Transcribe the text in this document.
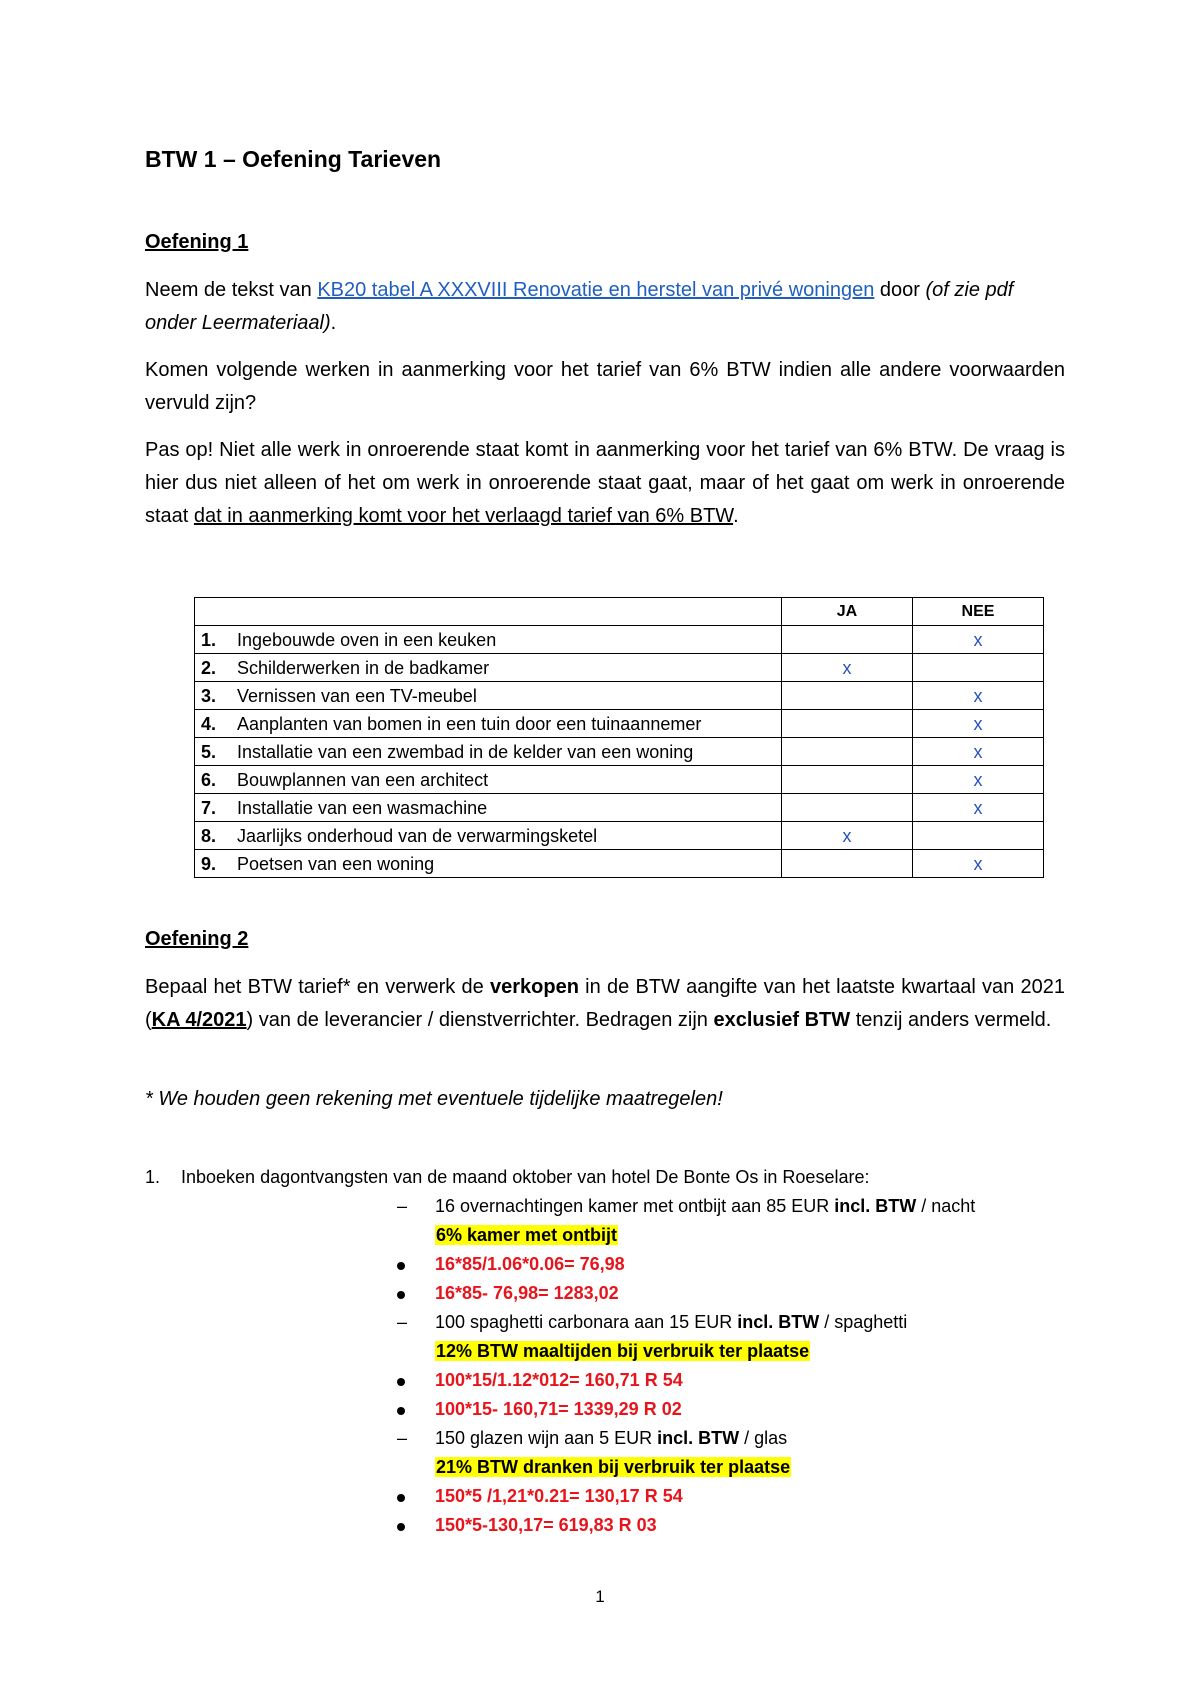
BTW 1 – Oefening Tarieven
Oefening 1

Neem de tekst van KB20 tabel A XXXVIII Renovatie en herstel van privé woningen door (of zie pdf onder Leermateriaal).

Komen volgende werken in aanmerking voor het tarief van 6% BTW indien alle andere voorwaarden vervuld zijn?

Pas op! Niet alle werk in onroerende staat komt in aanmerking voor het tarief van 6% BTW. De vraag is hier dus niet alleen of het om werk in onroerende staat gaat, maar of het gaat om werk in onroerende staat dat in aanmerking komt voor het verlaagd tarief van 6% BTW.

		JA	NEE
1.	Ingebouwde oven in een keuken		x
2.	Schilderwerken in de badkamer	x	
3.	Vernissen van een TV-meubel		x
4.	Aanplanten van bomen in een tuin door een tuinaannemer		x
5.	Installatie van een zwembad in de kelder van een woning		x
6.	Bouwplannen van een architect		x
7.	Installatie van een wasmachine		x
8.	Jaarlijks onderhoud van de verwarmingsketel	x	
9.	Poetsen van een woning		x
Oefening 2

Bepaal het BTW tarief* en verwerk de verkopen in de BTW aangifte van het laatste kwartaal van 2021 (KA 4/2021) van de leverancier / dienstverrichter. Bedragen zijn exclusief BTW tenzij anders vermeld.

* We houden geen rekening met eventuele tijdelijke maatregelen!

1. Inboeken dagontvangsten van de maand oktober van hotel De Bonte Os in Roeselare:
– 16 overnachtingen kamer met ontbijt aan 85 EUR incl. BTW / nacht
6% kamer met ontbijt
16*85/1.06*0.06= 76,98
16*85- 76,98= 1283,02
– 100 spaghetti carbonara aan 15 EUR incl. BTW / spaghetti
12% BTW maaltijden bij verbruik ter plaatse
100*15/1.12*012= 160,71 R 54
100*15- 160,71= 1339,29 R 02
– 150 glazen wijn aan 5 EUR incl. BTW / glas
21% BTW dranken bij verbruik ter plaatse
150*5 /1,21*0.21= 130,17 R 54
150*5-130,17= 619,83 R 03
1
